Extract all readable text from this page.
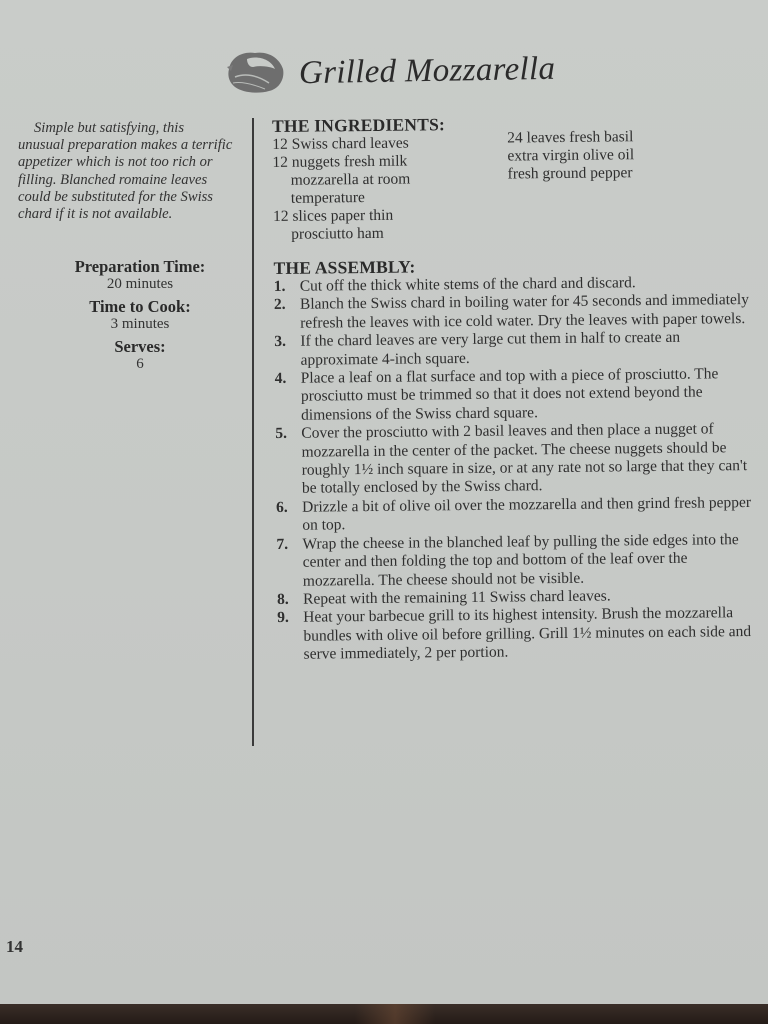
Grilled Mozzarella
Simple but satisfying, this unusual preparation makes a terrific appetizer which is not too rich or filling. Blanched romaine leaves could be substituted for the Swiss chard if it is not available.
Preparation Time:
20 minutes
Time to Cook:
3 minutes
Serves:
6
THE INGREDIENTS:
12 Swiss chard leaves
12 nuggets fresh milk mozzarella at room temperature
12 slices paper thin prosciutto ham
24 leaves fresh basil
extra virgin olive oil
fresh ground pepper
THE ASSEMBLY:
1. Cut off the thick white stems of the chard and discard.
2. Blanch the Swiss chard in boiling water for 45 seconds and immediately refresh the leaves with ice cold water. Dry the leaves with paper towels.
3. If the chard leaves are very large cut them in half to create an approximate 4-inch square.
4. Place a leaf on a flat surface and top with a piece of prosciutto. The prosciutto must be trimmed so that it does not extend beyond the dimensions of the Swiss chard square.
5. Cover the prosciutto with 2 basil leaves and then place a nugget of mozzarella in the center of the packet. The cheese nuggets should be roughly 1½ inch square in size, or at any rate not so large that they can't be totally enclosed by the Swiss chard.
6. Drizzle a bit of olive oil over the mozzarella and then grind fresh pepper on top.
7. Wrap the cheese in the blanched leaf by pulling the side edges into the center and then folding the top and bottom of the leaf over the mozzarella. The cheese should not be visible.
8. Repeat with the remaining 11 Swiss chard leaves.
9. Heat your barbecue grill to its highest intensity. Brush the mozzarella bundles with olive oil before grilling. Grill 1½ minutes on each side and serve immediately, 2 per portion.
14
